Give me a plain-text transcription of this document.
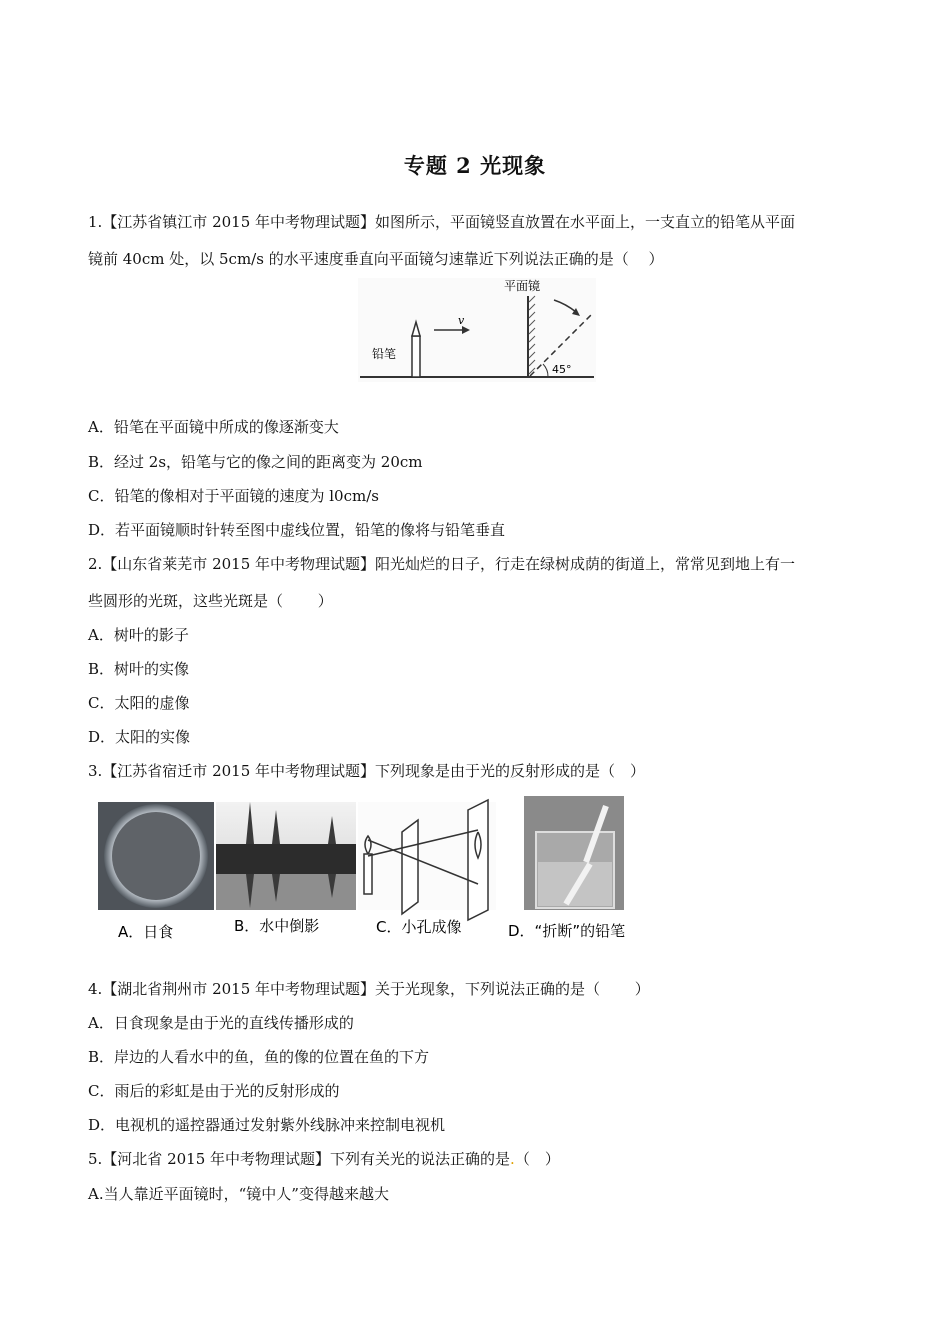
专题 2 光现象
1.【江苏省镇江市 2015 年中考物理试题】如图所示，平面镜竖直放置在水平面上，一支直立的铅笔从平面
镜前 40cm 处，以 5cm/s 的水平速度垂直向平面镜匀速靠近下列说法正确的是（　 ）
铅笔
v
平面镜
45°
A．铅笔在平面镜中所成的像逐渐变大
B．经过 2s，铅笔与它的像之间的距离变为 20cm
C．铅笔的像相对于平面镜的速度为 l0cm/s
D．若平面镜顺时针转至图中虚线位置，铅笔的像将与铅笔垂直
2.【山东省莱芜市 2015 年中考物理试题】阳光灿烂的日子，行走在绿树成荫的街道上，常常见到地上有一
些圆形的光斑，这些光斑是（　　 ）
A．树叶的影子
B．树叶的实像
C．太阳的虚像
D．太阳的实像
3.【江苏省宿迁市 2015 年中考物理试题】下列现象是由于光的反射形成的是（　）
A．日食	B．水中倒影	C．小孔成像	D．“折断”的铅笔
4.【湖北省荆州市 2015 年中考物理试题】关于光现象，下列说法正确的是（　　 ）
A．日食现象是由于光的直线传播形成的
B．岸边的人看水中的鱼，鱼的像的位置在鱼的下方
C．雨后的彩虹是由于光的反射形成的
D．电视机的遥控器通过发射紫外线脉冲来控制电视机
5.【河北省 2015 年中考物理试题】下列有关光的说法正确的是.（　）
A.当人靠近平面镜时，“镜中人”变得越来越大
